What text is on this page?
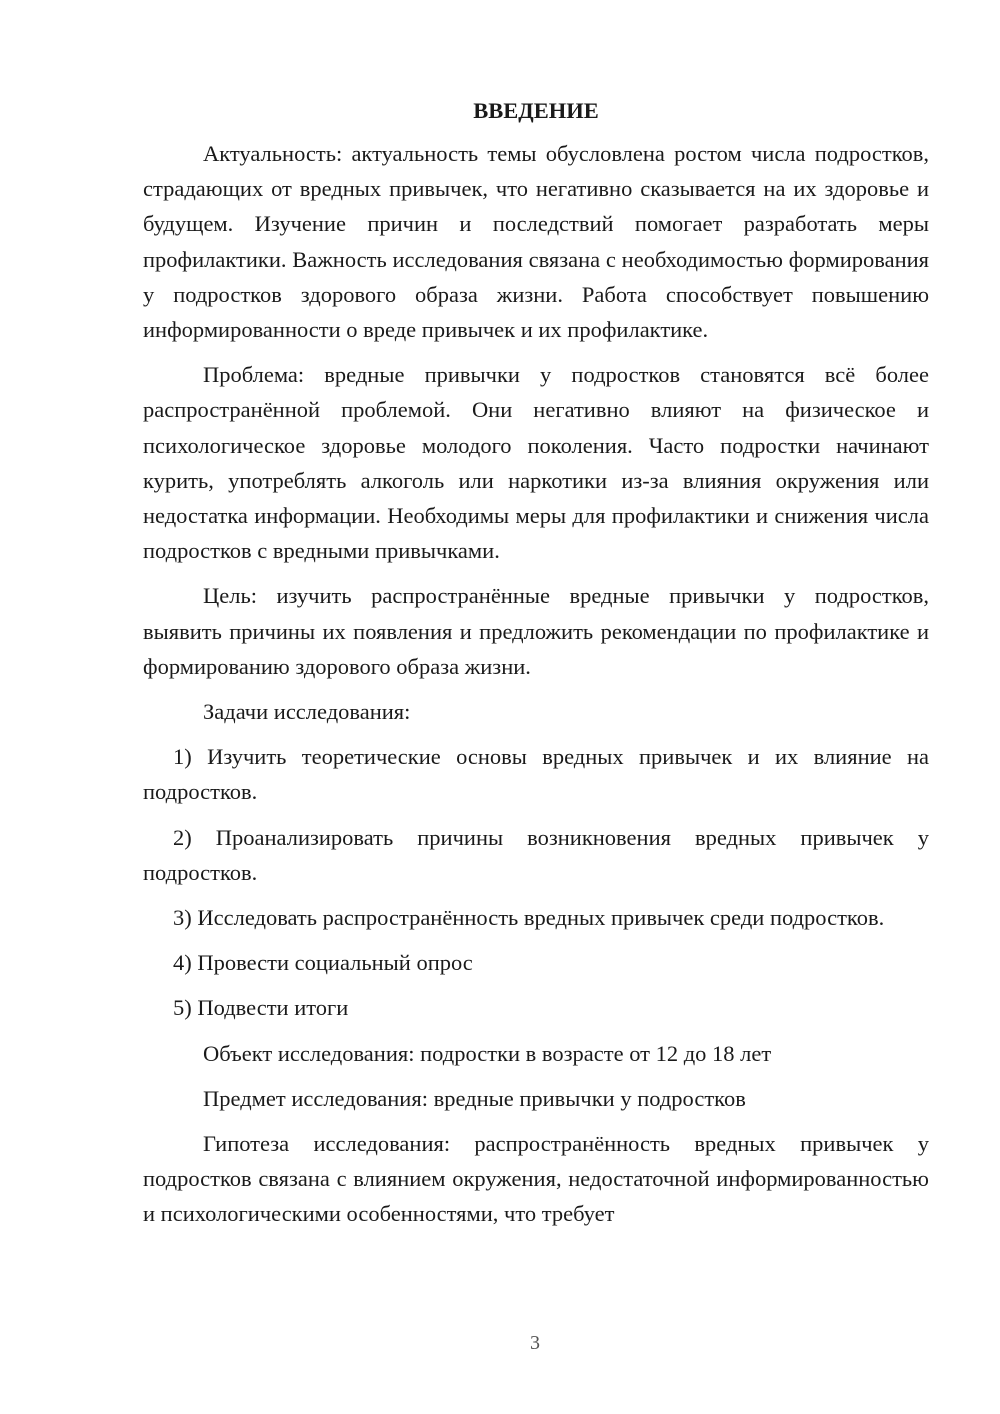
ВВЕДЕНИЕ

Актуальность: актуальность темы обусловлена ростом числа подростков, страдающих от вредных привычек, что негативно сказывается на их здоровье и будущем. Изучение причин и последствий помогает разработать меры профилактики. Важность исследования связана с необходимостью формирования у подростков здорового образа жизни. Работа способствует повышению информированности о вреде привычек и их профилактике.

Проблема: вредные привычки у подростков становятся всё более распространённой проблемой. Они негативно влияют на физическое и психологическое здоровье молодого поколения. Часто подростки начинают курить, употреблять алкоголь или наркотики из-за влияния окружения или недостатка информации. Необходимы меры для профилактики и снижения числа подростков с вредными привычками.

Цель: изучить распространённые вредные привычки у подростков, выявить причины их появления и предложить рекомендации по профилактике и формированию здорового образа жизни.

Задачи исследования:

1) Изучить теоретические основы вредных привычек и их влияние на подростков.

2) Проанализировать причины возникновения вредных привычек у подростков.

3) Исследовать распространённость вредных привычек среди подростков.

4) Провести социальный опрос

5) Подвести итоги

Объект исследования: подростки в возрасте от 12 до 18 лет

Предмет исследования: вредные привычки у подростков

Гипотеза исследования: распространённость вредных привычек у подростков связана с влиянием окружения, недостаточной информированностью и психологическими особенностями, что требует

3
